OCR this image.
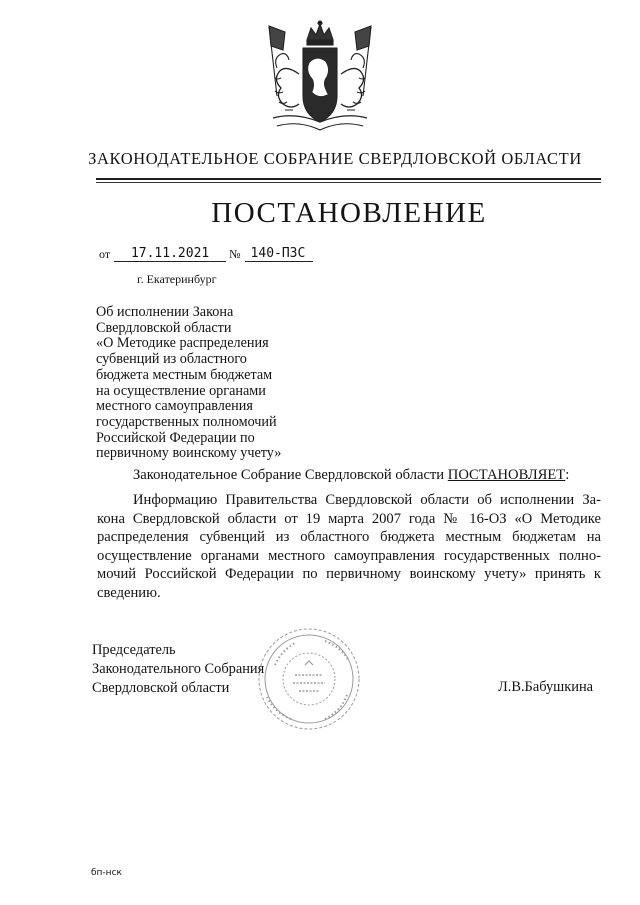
ЗАКОНОДАТЕЛЬНОЕ СОБРАНИЕ СВЕРДЛОВСКОЙ ОБЛАСТИ
ПОСТАНОВЛЕНИЕ
от 17.11.2021 № 140-ПЗС
г. Екатеринбург
Об исполнении Закона
Свердловской области
«О Методике распределения
субвенций из областного
бюджета местным бюджетам
на осуществление органами
местного самоуправления
государственных полномочий
Российской Федерации по
первичному воинскому учету»
Законодательное Собрание Свердловской области ПОСТАНОВЛЯЕТ:
Информацию Правительства Свердловской области об исполнении За-
кона Свердловской области от 19 марта 2007 года № 16-ОЗ «О Методике
распределения субвенций из областного бюджета местным бюджетам на
осуществление органами местного самоуправления государственных полно-
мочий Российской Федерации по первичному воинскому учету» принять к
сведению.
Председатель
Законодательного Собрания
Свердловской области	Л.В.Бабушкина
бп-нск
